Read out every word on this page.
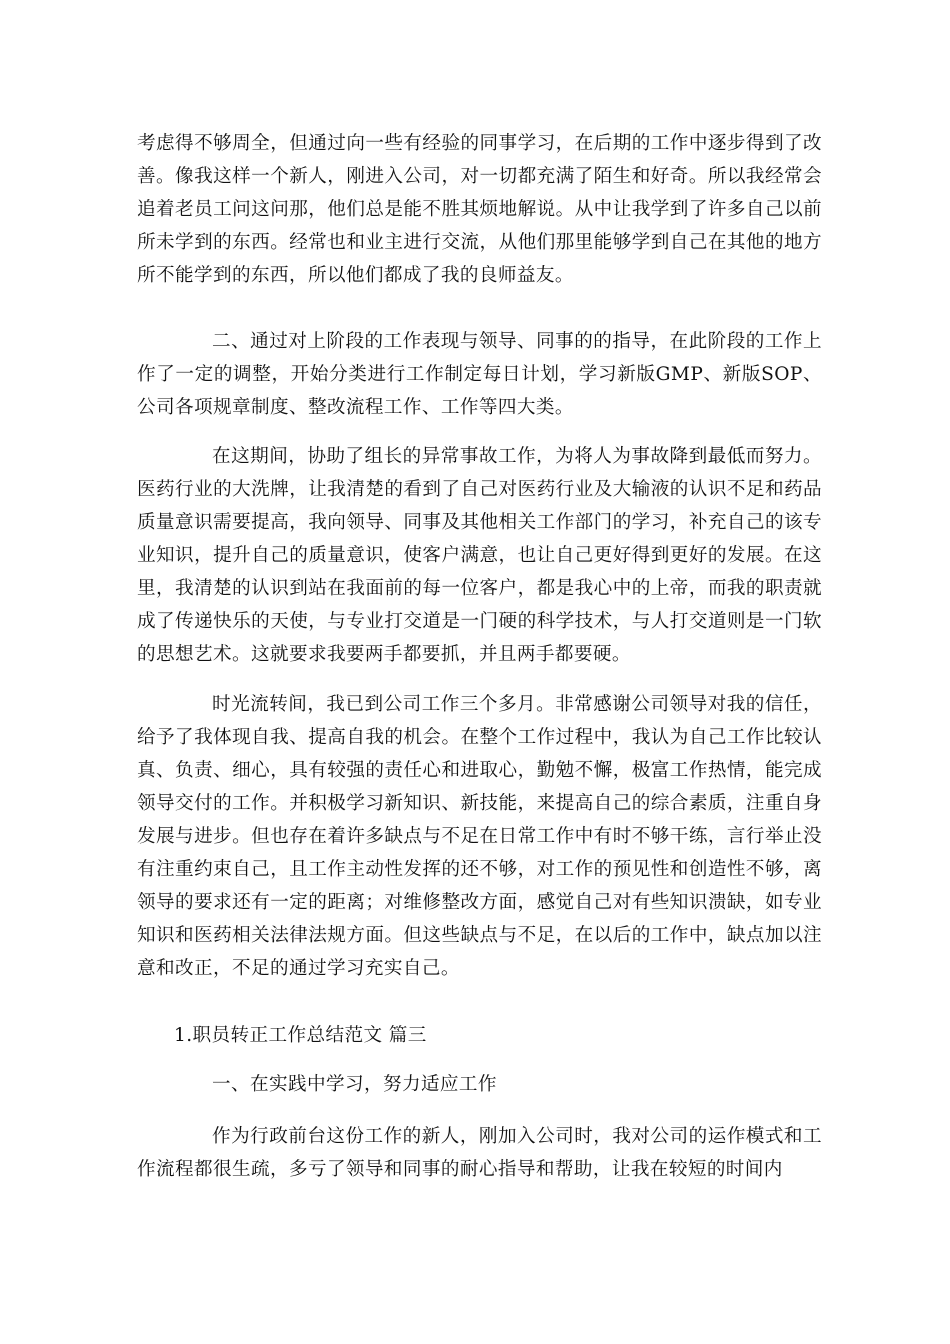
考虑得不够周全，但通过向一些有经验的同事学习，在后期的工作中逐步得到了改善。像我这样一个新人，刚进入公司，对一切都充满了陌生和好奇。所以我经常会追着老员工问这问那，他们总是能不胜其烦地解说。从中让我学到了许多自己以前所未学到的东西。经常也和业主进行交流，从他们那里能够学到自己在其他的地方所不能学到的东西，所以他们都成了我的良师益友。

二、通过对上阶段的工作表现与领导、同事的的指导，在此阶段的工作上作了一定的调整，开始分类进行工作制定每日计划，学习新版GMP、新版SOP、公司各项规章制度、整改流程工作、工作等四大类。

在这期间，协助了组长的异常事故工作，为将人为事故降到最低而努力。医药行业的大洗牌，让我清楚的看到了自己对医药行业及大输液的认识不足和药品质量意识需要提高，我向领导、同事及其他相关工作部门的学习，补充自己的该专业知识，提升自己的质量意识，使客户满意，也让自己更好得到更好的发展。在这里，我清楚的认识到站在我面前的每一位客户，都是我心中的上帝，而我的职责就成了传递快乐的天使，与专业打交道是一门硬的科学技术，与人打交道则是一门软的思想艺术。这就要求我要两手都要抓，并且两手都要硬。

时光流转间，我已到公司工作三个多月。非常感谢公司领导对我的信任，给予了我体现自我、提高自我的机会。在整个工作过程中，我认为自己工作比较认真、负责、细心，具有较强的责任心和进取心，勤勉不懈，极富工作热情，能完成领导交付的工作。并积极学习新知识、新技能，来提高自己的综合素质，注重自身发展与进步。但也存在着许多缺点与不足在日常工作中有时不够干练，言行举止没有注重约束自己，且工作主动性发挥的还不够，对工作的预见性和创造性不够，离领导的要求还有一定的距离；对维修整改方面，感觉自己对有些知识溃缺，如专业知识和医药相关法律法规方面。但这些缺点与不足，在以后的工作中，缺点加以注意和改正，不足的通过学习充实自己。

1.职员转正工作总结范文 篇三

一、在实践中学习，努力适应工作

作为行政前台这份工作的新人，刚加入公司时，我对公司的运作模式和工作流程都很生疏，多亏了领导和同事的耐心指导和帮助，让我在较短的时间内
